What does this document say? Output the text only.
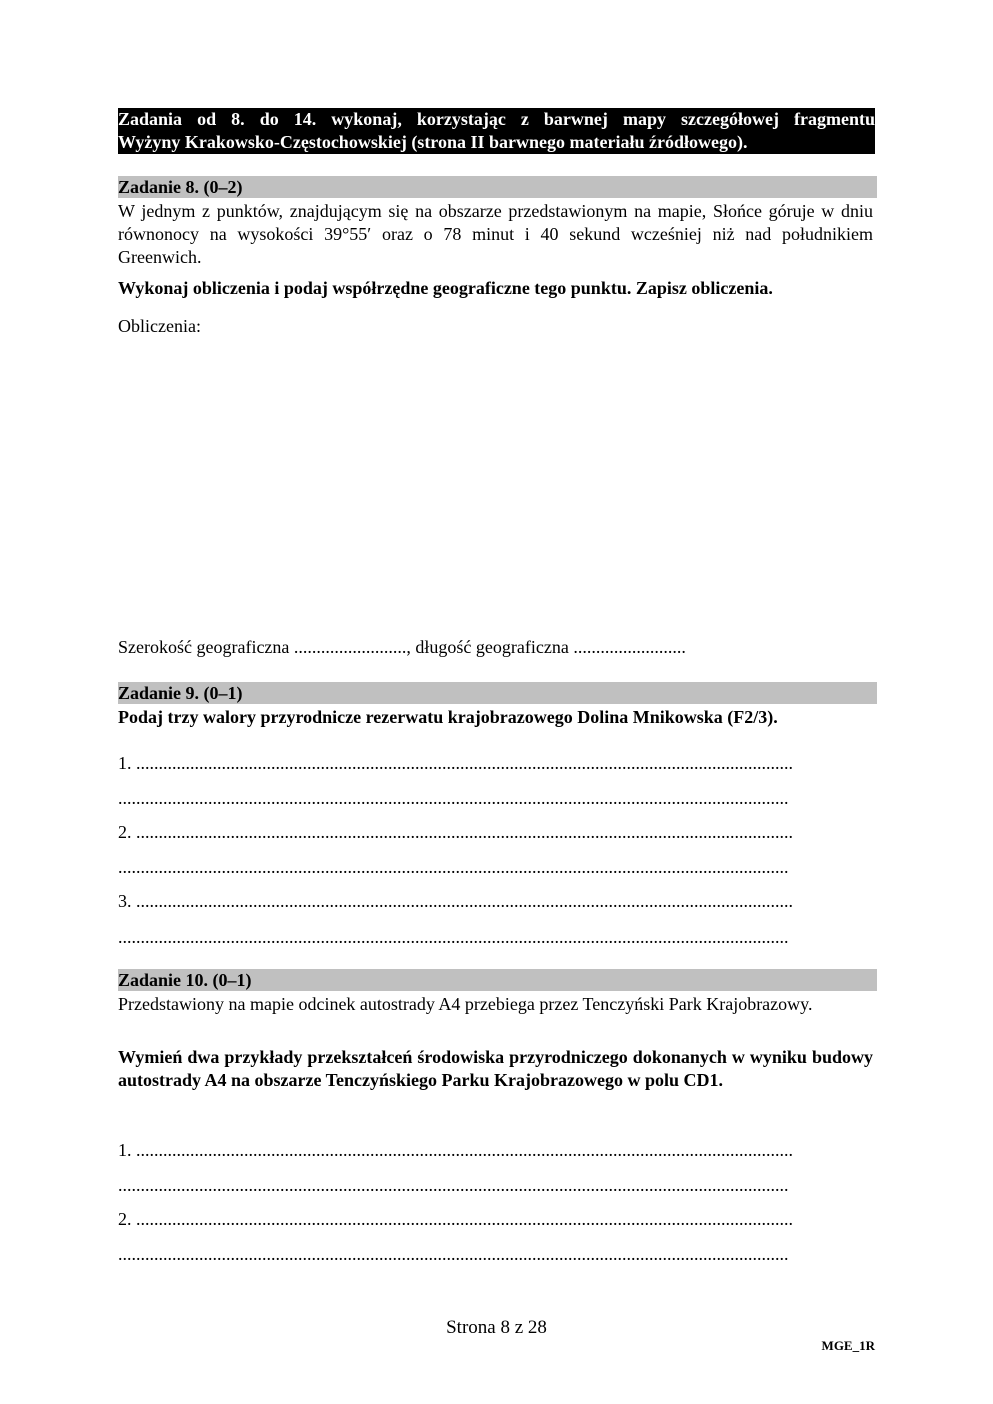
Zadania od 8. do 14. wykonaj, korzystając z barwnej mapy szczegółowej fragmentu
Wyżyny Krakowsko-Częstochowskiej (strona II barwnego materiału źródłowego).
Zadanie 8. (0–2)

W jednym z punktów, znajdującym się na obszarze przedstawionym na mapie, Słońce góruje w dniu równonocy na wysokości 39°55′ oraz o 78 minut i 40 sekund wcześniej niż nad południkiem Greenwich.

Wykonaj obliczenia i podaj współrzędne geograficzne tego punktu. Zapisz obliczenia.

Obliczenia:

Szerokość geograficzna ........................., długość geograficzna .........................

Zadanie 9. (0–1)

Podaj trzy walory przyrodnicze rezerwatu krajobrazowego Dolina Mnikowska (F2/3).

1. ..................................................................................................................................................
.....................................................................................................................................................
2. ..................................................................................................................................................
.....................................................................................................................................................
3. ..................................................................................................................................................
.....................................................................................................................................................
Zadanie 10. (0–1)

Przedstawiony na mapie odcinek autostrady A4 przebiega przez Tenczyński Park Krajobrazowy.

Wymień dwa przykłady przekształceń środowiska przyrodniczego dokonanych w wyniku budowy autostrady A4 na obszarze Tenczyńskiego Parku Krajobrazowego w polu CD1.

1. ..................................................................................................................................................
.....................................................................................................................................................
2. ..................................................................................................................................................
.....................................................................................................................................................
Strona 8 z 28
MGE_1R
